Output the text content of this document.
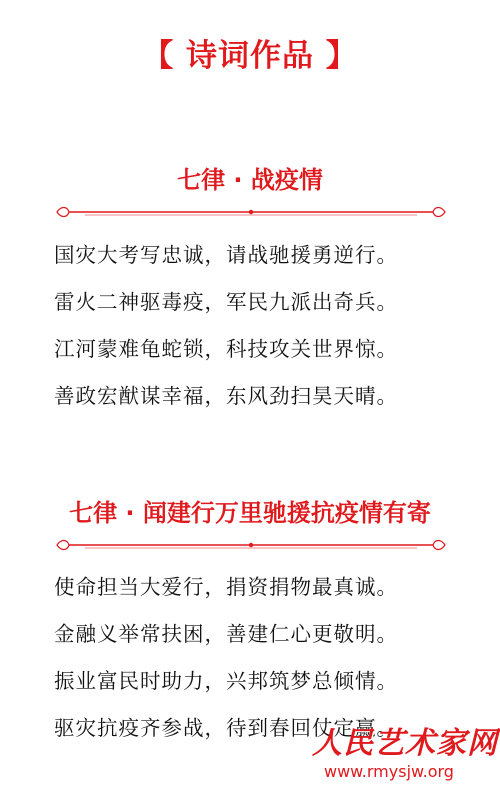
【 诗词作品 】
七律 · 战疫情
国灾大考写忠诚，请战驰援勇逆行。
雷火二神驱毒疫，军民九派出奇兵。
江河蒙难龟蛇锁，科技攻关世界惊。
善政宏猷谋幸福，东风劲扫昊天晴。
七律 · 闻建行万里驰援抗疫情有寄
使命担当大爱行，捐资捐物最真诚。
金融义举常扶困，善建仁心更敬明。
振业富民时助力，兴邦筑梦总倾情。
驱灾抗疫齐参战，待到春回仗定赢。
人民艺术家网
www.rmysjw.org
